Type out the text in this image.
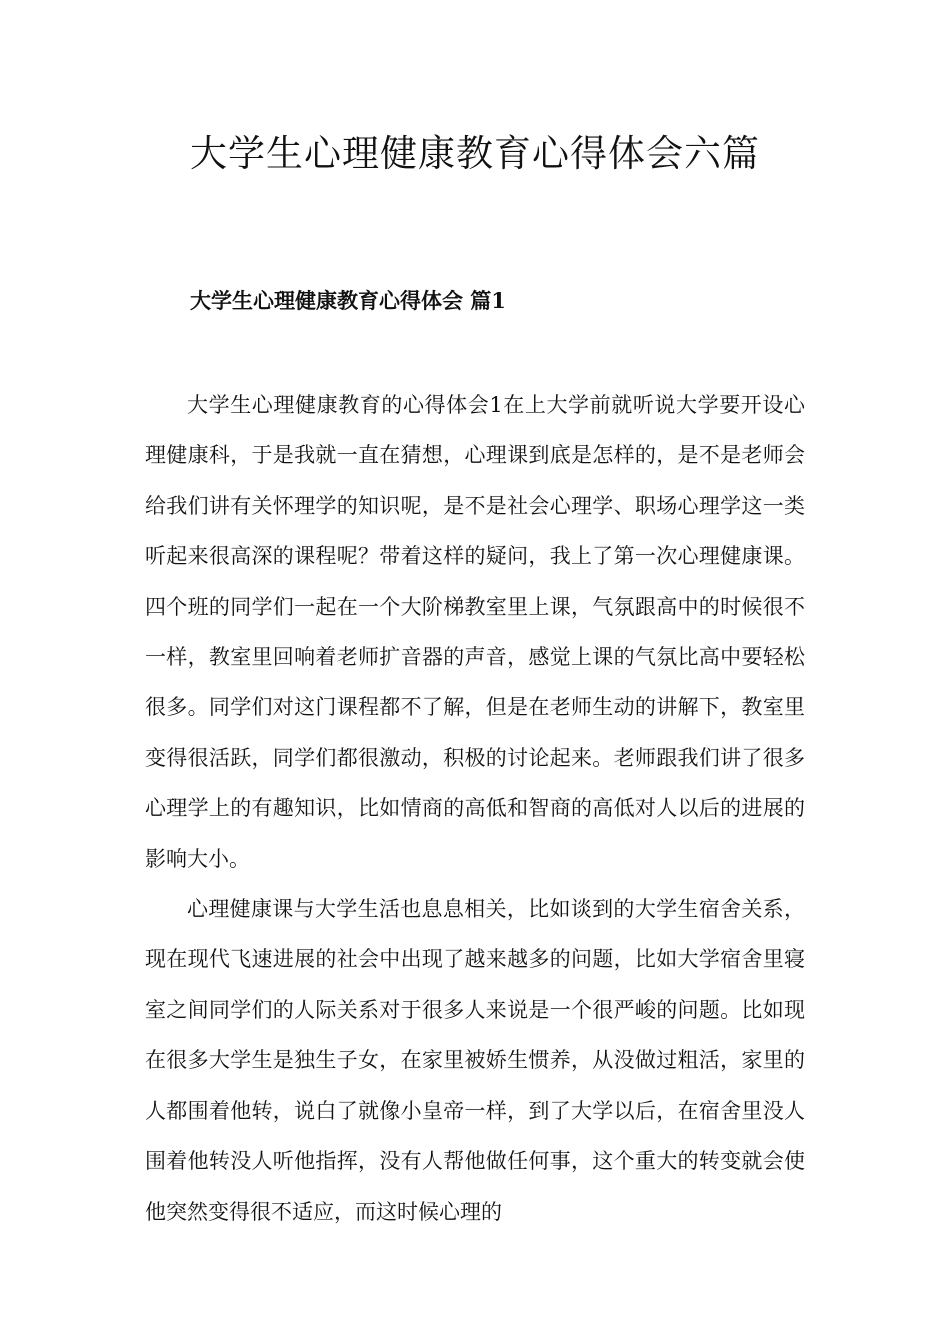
大学生心理健康教育心得体会六篇
大学生心理健康教育心得体会 篇1

大学生心理健康教育的心得体会1在上大学前就听说大学要开设心理健康科，于是我就一直在猜想，心理课到底是怎样的，是不是老师会给我们讲有关怀理学的知识呢，是不是社会心理学、职场心理学这一类听起来很高深的课程呢？带着这样的疑问，我上了第一次心理健康课。四个班的同学们一起在一个大阶梯教室里上课，气氛跟高中的时候很不一样，教室里回响着老师扩音器的声音，感觉上课的气氛比高中要轻松很多。同学们对这门课程都不了解，但是在老师生动的讲解下，教室里变得很活跃，同学们都很激动，积极的讨论起来。老师跟我们讲了很多心理学上的有趣知识，比如情商的高低和智商的高低对人以后的进展的影响大小。

心理健康课与大学生活也息息相关，比如谈到的大学生宿舍关系，现在现代飞速进展的社会中出现了越来越多的问题，比如大学宿舍里寝室之间同学们的人际关系对于很多人来说是一个很严峻的问题。比如现在很多大学生是独生子女，在家里被娇生惯养，从没做过粗活，家里的人都围着他转，说白了就像小皇帝一样，到了大学以后，在宿舍里没人围着他转没人听他指挥，没有人帮他做任何事，这个重大的转变就会使他突然变得很不适应，而这时候心理的
